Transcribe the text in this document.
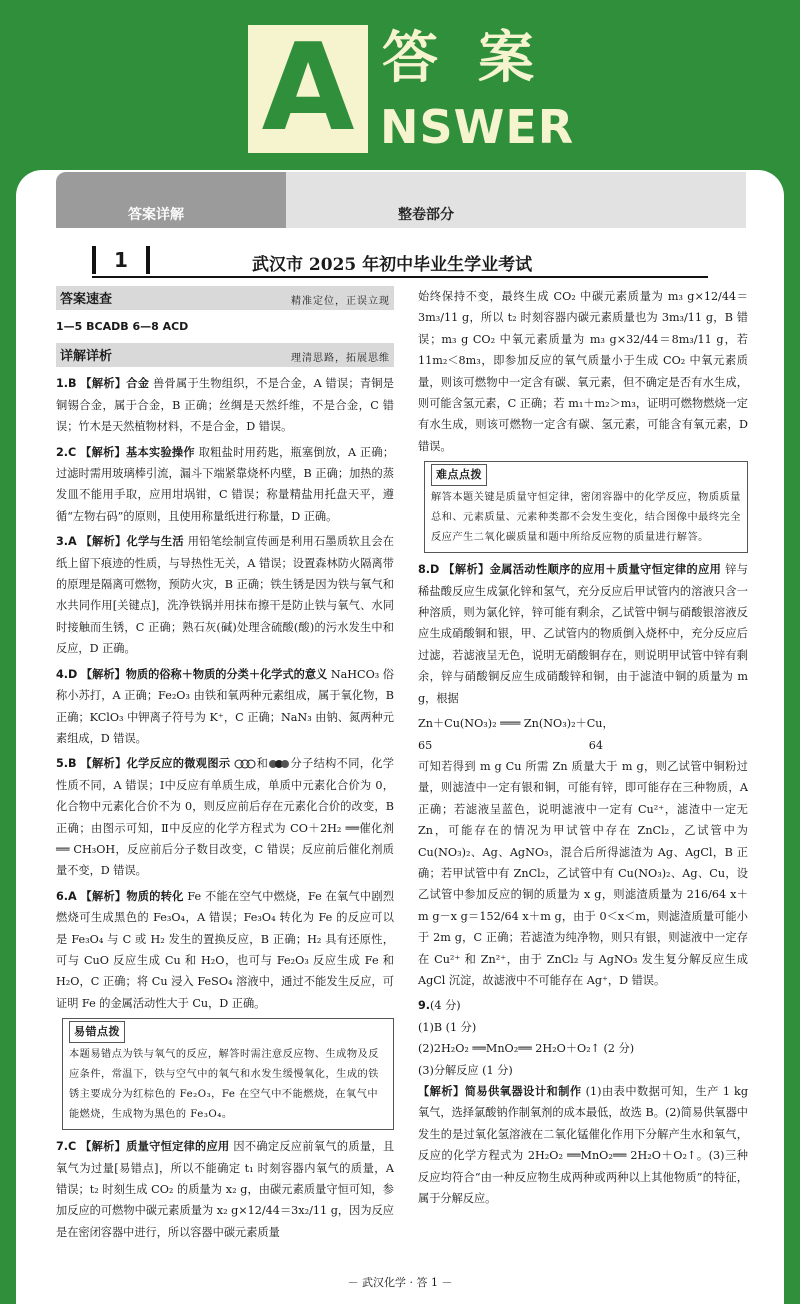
A 答案
NSWER
整卷部分
答案详解
1	武汉市 2025 年初中毕业生学业考试
答案速查	精准定位，正误立现
1—5 BCADB 6—8 ACD
详解详析	理清思路，拓展思维

1.B 【解析】合金 兽骨属于生物组织，不是合金，A 错误；青铜是铜锡合金，属于合金，B 正确；丝绸是天然纤维，不是合金，C 错误；竹木是天然植物材料，不是合金，D 错误。

2.C 【解析】基本实验操作 取粗盐时用药匙，瓶塞倒放，A 正确；过滤时需用玻璃棒引流，漏斗下端紧靠烧杯内壁，B 正确；加热的蒸发皿不能用手取，应用坩埚钳，C 错误；称量精盐用托盘天平，遵循“左物右码”的原则，且使用称量纸进行称量，D 正确。

3.A 【解析】化学与生活 用铅笔绘制宣传画是利用石墨质软且会在纸上留下痕迹的性质，与导热性无关，A 错误；设置森林防火隔离带的原理是隔离可燃物，预防火灾，B 正确；铁生锈是因为铁与氧气和水共同作用[关键点]，洗净铁锅并用抹布擦干是防止铁与氧气、水同时接触而生锈，C 正确；熟石灰(碱)处理含硫酸(酸)的污水发生中和反应，D 正确。

4.D 【解析】物质的俗称＋物质的分类＋化学式的意义 NaHCO₃ 俗称小苏打，A 正确；Fe₂O₃ 由铁和氧两种元素组成，属于氧化物，B 正确；KClO₃ 中钾离子符号为 K⁺，C 正确；NaN₃ 由钠、氮两种元素组成，D 错误。

5.B 【解析】化学反应的微观图示 和 分子结构不同，化学性质不同，A 错误；Ⅰ中反应有单质生成，单质中元素化合价为 0，化合物中元素化合价不为 0，则反应前后存在元素化合价的改变，B 正确；由图示可知，Ⅱ中反应的化学方程式为 CO＋2H₂ ══催化剂══ CH₃OH，反应前后分子数目改变，C 错误；反应前后催化剂质量不变，D 错误。

6.A 【解析】物质的转化 Fe 不能在空气中燃烧，Fe 在氧气中剧烈燃烧可生成黑色的 Fe₃O₄，A 错误；Fe₃O₄ 转化为 Fe 的反应可以是 Fe₃O₄ 与 C 或 H₂ 发生的置换反应，B 正确；H₂ 具有还原性，可与 CuO 反应生成 Cu 和 H₂O，也可与 Fe₂O₃ 反应生成 Fe 和 H₂O，C 正确；将 Cu 浸入 FeSO₄ 溶液中，通过不能发生反应，可证明 Fe 的金属活动性大于 Cu，D 正确。

易错点拨
本题易错点为铁与氧气的反应，解答时需注意反应物、生成物及反应条件，常温下，铁与空气中的氧气和水发生缓慢氧化，生成的铁锈主要成分为红棕色的 Fe₂O₃，Fe 在空气中不能燃烧，在氧气中能燃烧，生成物为黑色的 Fe₃O₄。

7.C 【解析】质量守恒定律的应用 因不确定反应前氧气的质量，且氧气为过量[易错点]，所以不能确定 t₁ 时刻容器内氧气的质量，A 错误；t₂ 时刻生成 CO₂ 的质量为 x₂ g，由碳元素质量守恒可知，参加反应的可燃物中碳元素质量为 x₂ g×12/44＝3x₂/11 g，因为反应是在密闭容器中进行，所以容器中碳元素质量

始终保持不变，最终生成 CO₂ 中碳元素质量为 m₃ g×12/44＝3m₃/11 g，所以 t₂ 时刻容器内碳元素质量也为 3m₃/11 g，B 错误；m₃ g CO₂ 中氧元素质量为 m₃ g×32/44＝8m₃/11 g，若 11m₂＜8m₃，即参加反应的氧气质量小于生成 CO₂ 中氧元素质量，则该可燃物中一定含有碳、氧元素，但不确定是否有水生成，则可能含氢元素，C 正确；若 m₁＋m₂＞m₃，证明可燃物燃烧一定有水生成，则该可燃物一定含有碳、氢元素，可能含有氧元素，D 错误。

难点点拨
解答本题关键是质量守恒定律，密闭容器中的化学反应，物质质量总和、元素质量、元素种类都不会发生变化，结合图像中最终完全反应产生二氧化碳质量和题中所给反应物的质量进行解答。

8.D 【解析】金属活动性顺序的应用＋质量守恒定律的应用 锌与稀盐酸反应生成氯化锌和氢气，充分反应后甲试管内的溶液只含一种溶质，则为氯化锌，锌可能有剩余，乙试管中铜与硝酸银溶液反应生成硝酸铜和银，甲、乙试管内的物质倒入烧杯中，充分反应后过滤，若滤液呈无色，说明无硝酸铜存在，则说明甲试管中锌有剩余，锌与硝酸铜反应生成硝酸锌和铜，由于滤渣中铜的质量为 m g，根据

Zn＋Cu(NO₃)₂ ═══ Zn(NO₃)₂＋Cu，
65                                            64

可知若得到 m g Cu 所需 Zn 质量大于 m g，则乙试管中铜粉过量，则滤渣中一定有银和铜，可能有锌，即可能存在三种物质，A 正确；若滤液呈蓝色，说明滤液中一定有 Cu²⁺，滤渣中一定无 Zn，可能存在的情况为甲试管中存在 ZnCl₂，乙试管中为 Cu(NO₃)₂、Ag、AgNO₃，混合后所得滤渣为 Ag、AgCl，B 正确；若甲试管中有 ZnCl₂，乙试管中有 Cu(NO₃)₂、Ag、Cu，设乙试管中参加反应的铜的质量为 x g，则滤渣质量为 216/64 x＋m g－x g＝152/64 x＋m g，由于 0＜x＜m，则滤渣质量可能小于 2m g，C 正确；若滤渣为纯净物，则只有银，则滤液中一定存在 Cu²⁺ 和 Zn²⁺，由于 ZnCl₂ 与 AgNO₃ 发生复分解反应生成 AgCl 沉淀，故滤液中不可能存在 Ag⁺，D 错误。

9.(4 分)
(1)B (1 分)
(2)2H₂O₂ ══MnO₂══ 2H₂O＋O₂↑ (2 分)
(3)分解反应 (1 分)

【解析】简易供氧器设计和制作 (1)由表中数据可知，生产 1 kg 氧气，选择氯酸钠作制氧剂的成本最低，故选 B。(2)简易供氧器中发生的是过氧化氢溶液在二氧化锰催化作用下分解产生水和氧气，反应的化学方程式为 2H₂O₂ ══MnO₂══ 2H₂O＋O₂↑。(3)三种反应均符合“由一种反应物生成两种或两种以上其他物质”的特征，属于分解反应。

－ 武汉化学 · 答 1 －
